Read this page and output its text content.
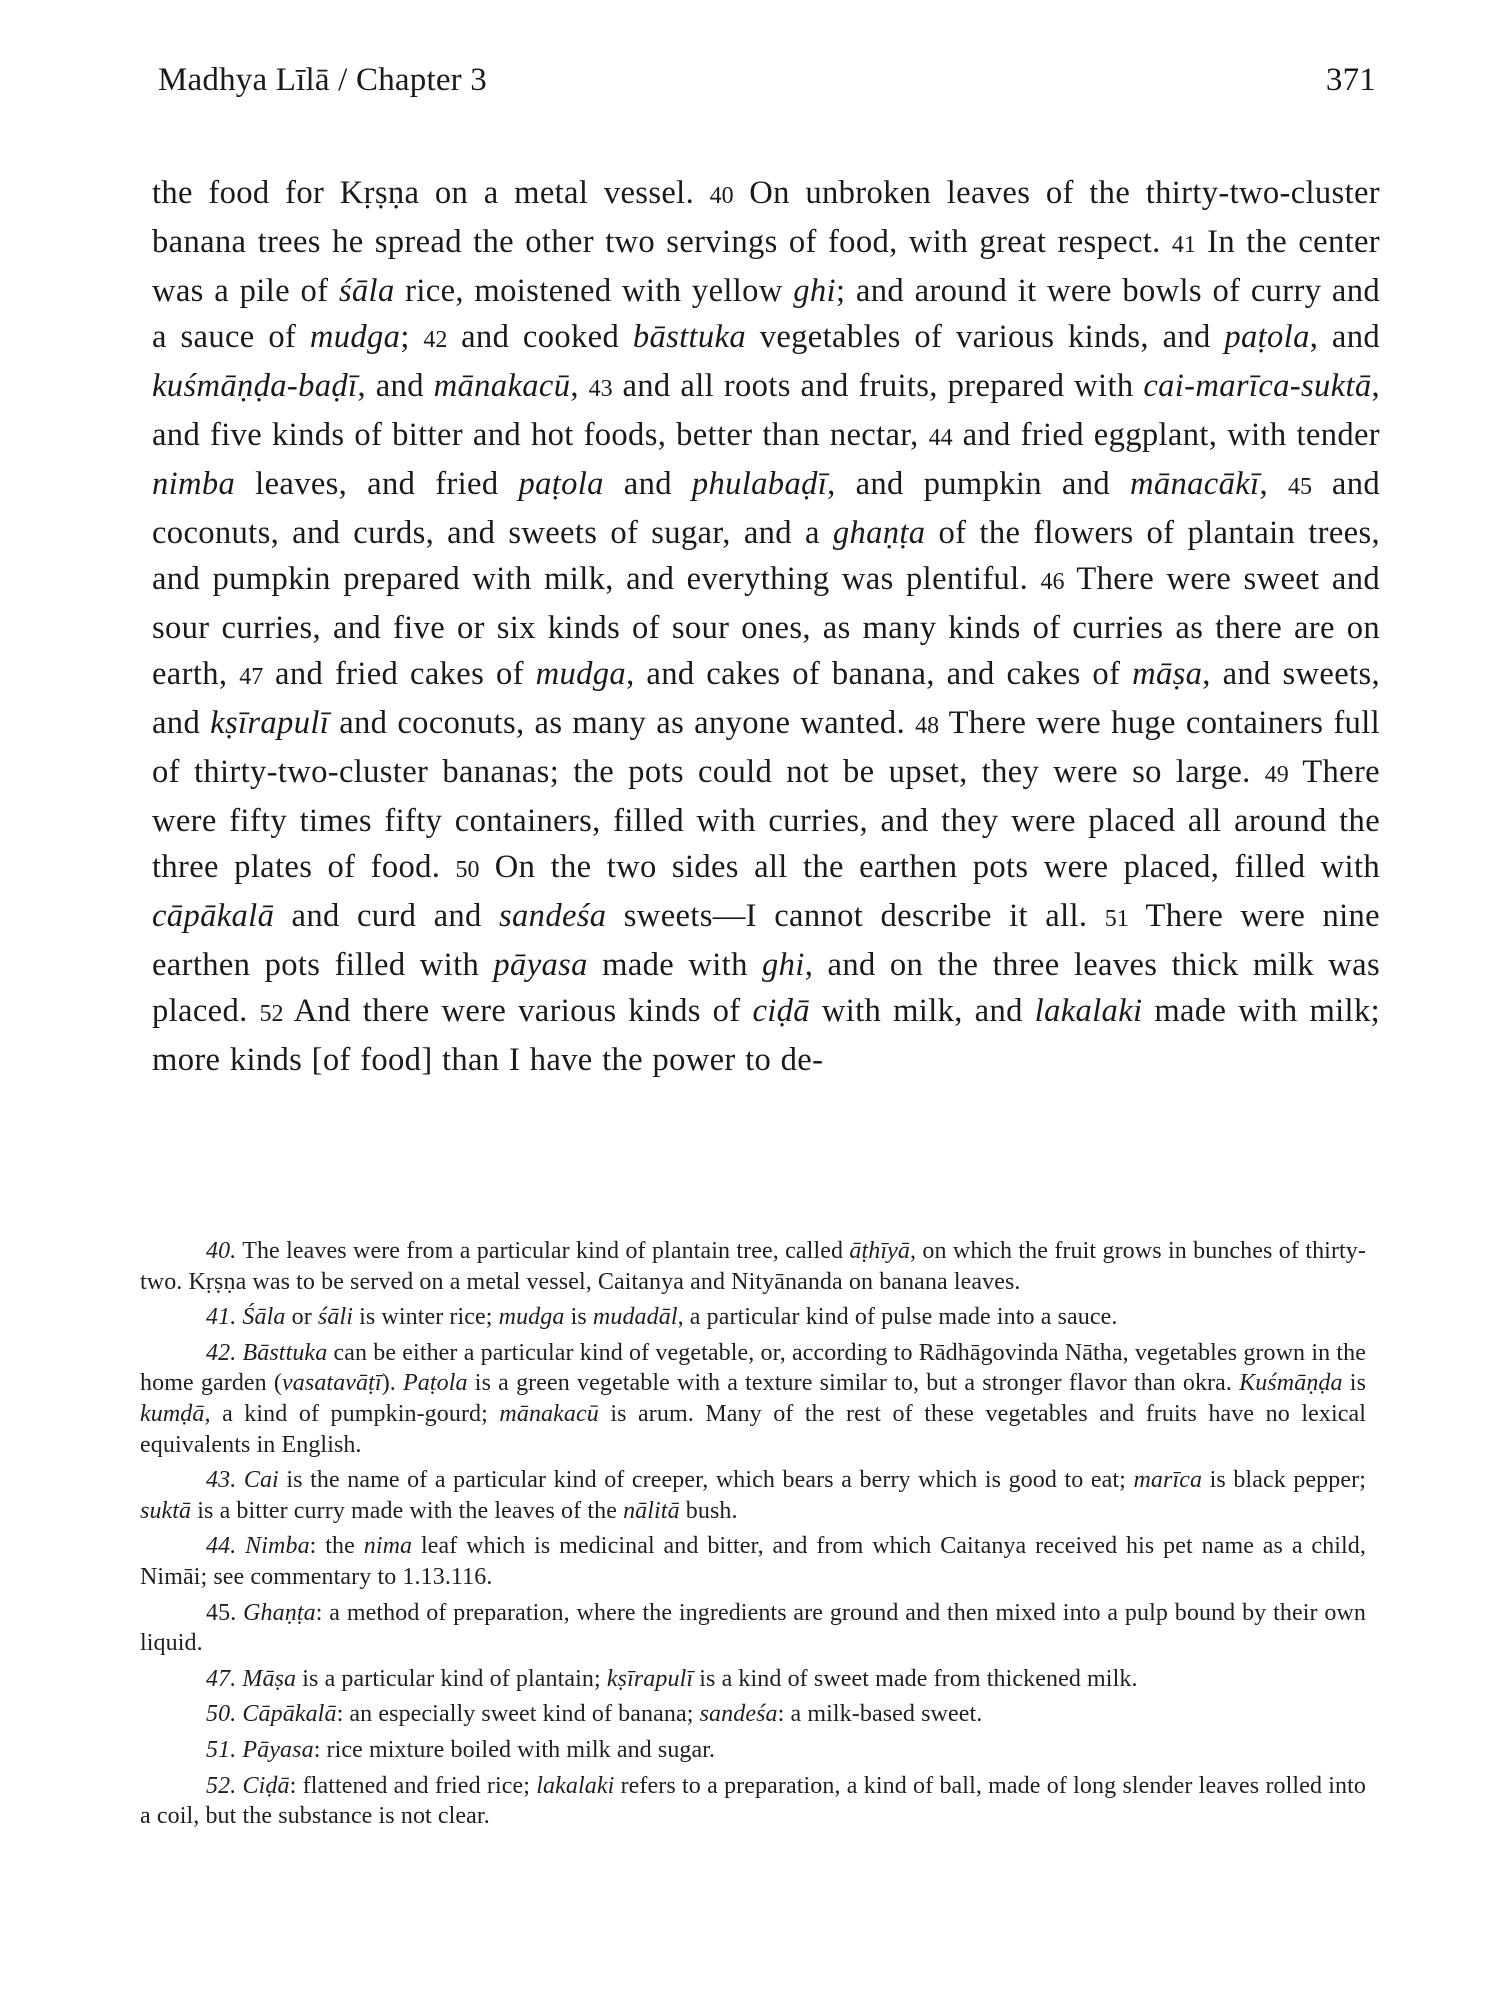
Madhya Līlā / Chapter 3	371

the food for Kṛṣṇa on a metal vessel. 40 On unbroken leaves of the thirty-two-cluster banana trees he spread the other two servings of food, with great respect. 41 In the center was a pile of śāla rice, moistened with yellow ghi; and around it were bowls of curry and a sauce of mudga; 42 and cooked bāsttuka vegetables of various kinds, and paṭola, and kuśmāṇḍa-baḍī, and mānakacū, 43 and all roots and fruits, prepared with cai-marīca-suktā, and five kinds of bitter and hot foods, better than nectar, 44 and fried eggplant, with tender nimba leaves, and fried paṭola and phulabaḍī, and pumpkin and mānacākī, 45 and coconuts, and curds, and sweets of sugar, and a ghaṇṭa of the flowers of plantain trees, and pumpkin prepared with milk, and everything was plentiful. 46 There were sweet and sour curries, and five or six kinds of sour ones, as many kinds of curries as there are on earth, 47 and fried cakes of mudga, and cakes of banana, and cakes of māṣa, and sweets, and kṣīrapulī and coconuts, as many as anyone wanted. 48 There were huge containers full of thirty-two-cluster bananas; the pots could not be upset, they were so large. 49 There were fifty times fifty containers, filled with curries, and they were placed all around the three plates of food. 50 On the two sides all the earthen pots were placed, filled with cāpākalā and curd and sandeśa sweets—I cannot describe it all. 51 There were nine earthen pots filled with pāyasa made with ghi, and on the three leaves thick milk was placed. 52 And there were various kinds of ciḍā with milk, and lakalaki made with milk; more kinds [of food] than I have the power to de-

40. The leaves were from a particular kind of plantain tree, called āṭhīyā, on which the fruit grows in bunches of thirty-two. Kṛṣṇa was to be served on a metal vessel, Caitanya and Nityānanda on banana leaves.

41. Śāla or śāli is winter rice; mudga is mudadāl, a particular kind of pulse made into a sauce.

42. Bāsttuka can be either a particular kind of vegetable, or, according to Rādhāgovinda Nātha, vegetables grown in the home garden (vasatavāṭī). Paṭola is a green vegetable with a texture similar to, but a stronger flavor than okra. Kuśmāṇḍa is kumḍā, a kind of pumpkin-gourd; mānakacū is arum. Many of the rest of these vegetables and fruits have no lexical equivalents in English.

43. Cai is the name of a particular kind of creeper, which bears a berry which is good to eat; marīca is black pepper; suktā is a bitter curry made with the leaves of the nālitā bush.

44. Nimba: the nima leaf which is medicinal and bitter, and from which Caitanya received his pet name as a child, Nimāi; see commentary to 1.13.116.

45. Ghaṇṭa: a method of preparation, where the ingredients are ground and then mixed into a pulp bound by their own liquid.

47. Māṣa is a particular kind of plantain; kṣīrapulī is a kind of sweet made from thickened milk.

50. Cāpākalā: an especially sweet kind of banana; sandeśa: a milk-based sweet.

51. Pāyasa: rice mixture boiled with milk and sugar.

52. Ciḍā: flattened and fried rice; lakalaki refers to a preparation, a kind of ball, made of long slender leaves rolled into a coil, but the substance is not clear.
